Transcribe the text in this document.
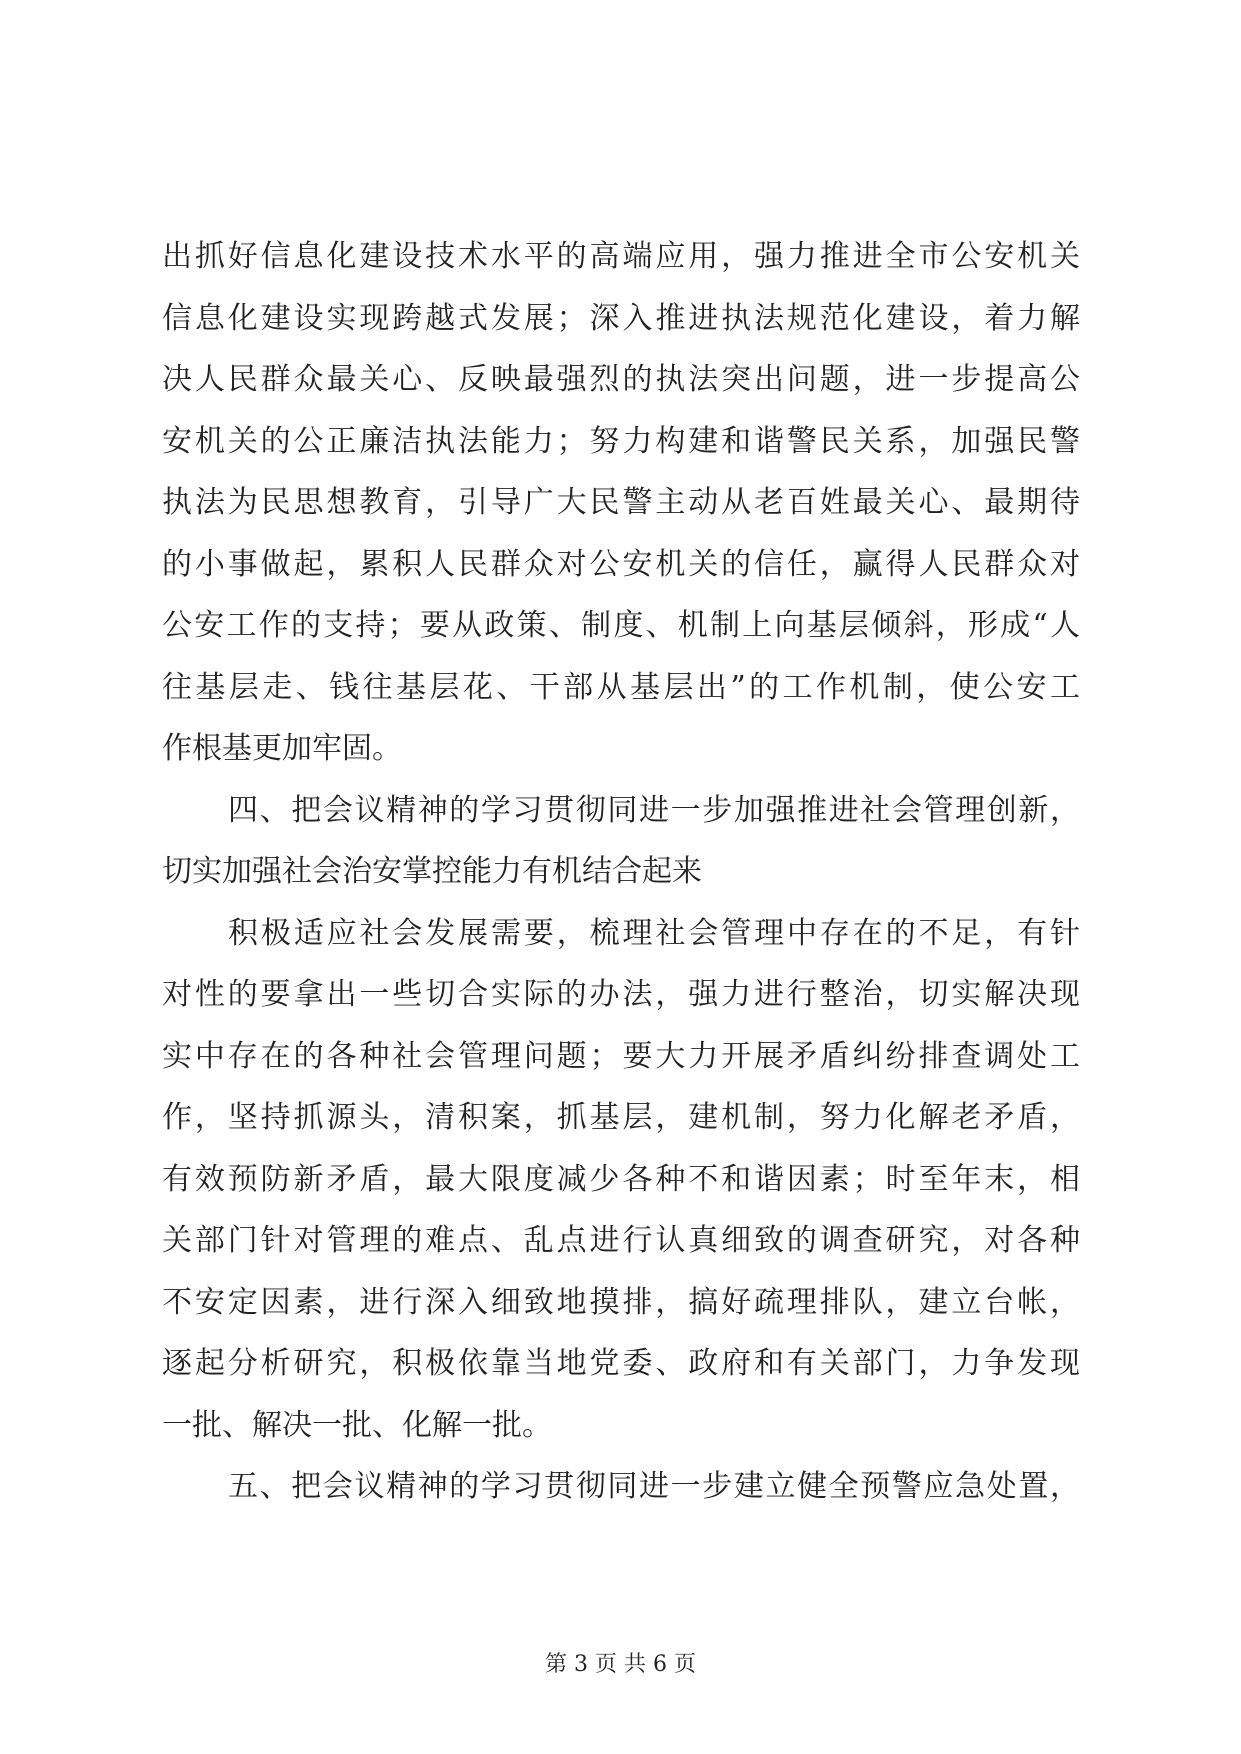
出抓好信息化建设技术水平的高端应用，强力推进全市公安机关
信息化建设实现跨越式发展；深入推进执法规范化建设，着力解
决人民群众最关心、反映最强烈的执法突出问题，进一步提高公
安机关的公正廉洁执法能力；努力构建和谐警民关系，加强民警
执法为民思想教育，引导广大民警主动从老百姓最关心、最期待
的小事做起，累积人民群众对公安机关的信任，赢得人民群众对
公安工作的支持；要从政策、制度、机制上向基层倾斜，形成“人
往基层走、钱往基层花、干部从基层出”的工作机制，使公安工
作根基更加牢固。
四、把会议精神的学习贯彻同进一步加强推进社会管理创新，
切实加强社会治安掌控能力有机结合起来
积极适应社会发展需要，梳理社会管理中存在的不足，有针
对性的要拿出一些切合实际的办法，强力进行整治，切实解决现
实中存在的各种社会管理问题；要大力开展矛盾纠纷排查调处工
作，坚持抓源头，清积案，抓基层，建机制，努力化解老矛盾，
有效预防新矛盾，最大限度减少各种不和谐因素；时至年末，相
关部门针对管理的难点、乱点进行认真细致的调查研究，对各种
不安定因素，进行深入细致地摸排，搞好疏理排队，建立台帐，
逐起分析研究，积极依靠当地党委、政府和有关部门，力争发现
一批、解决一批、化解一批。
五、把会议精神的学习贯彻同进一步建立健全预警应急处置，
第 3 页 共 6 页
